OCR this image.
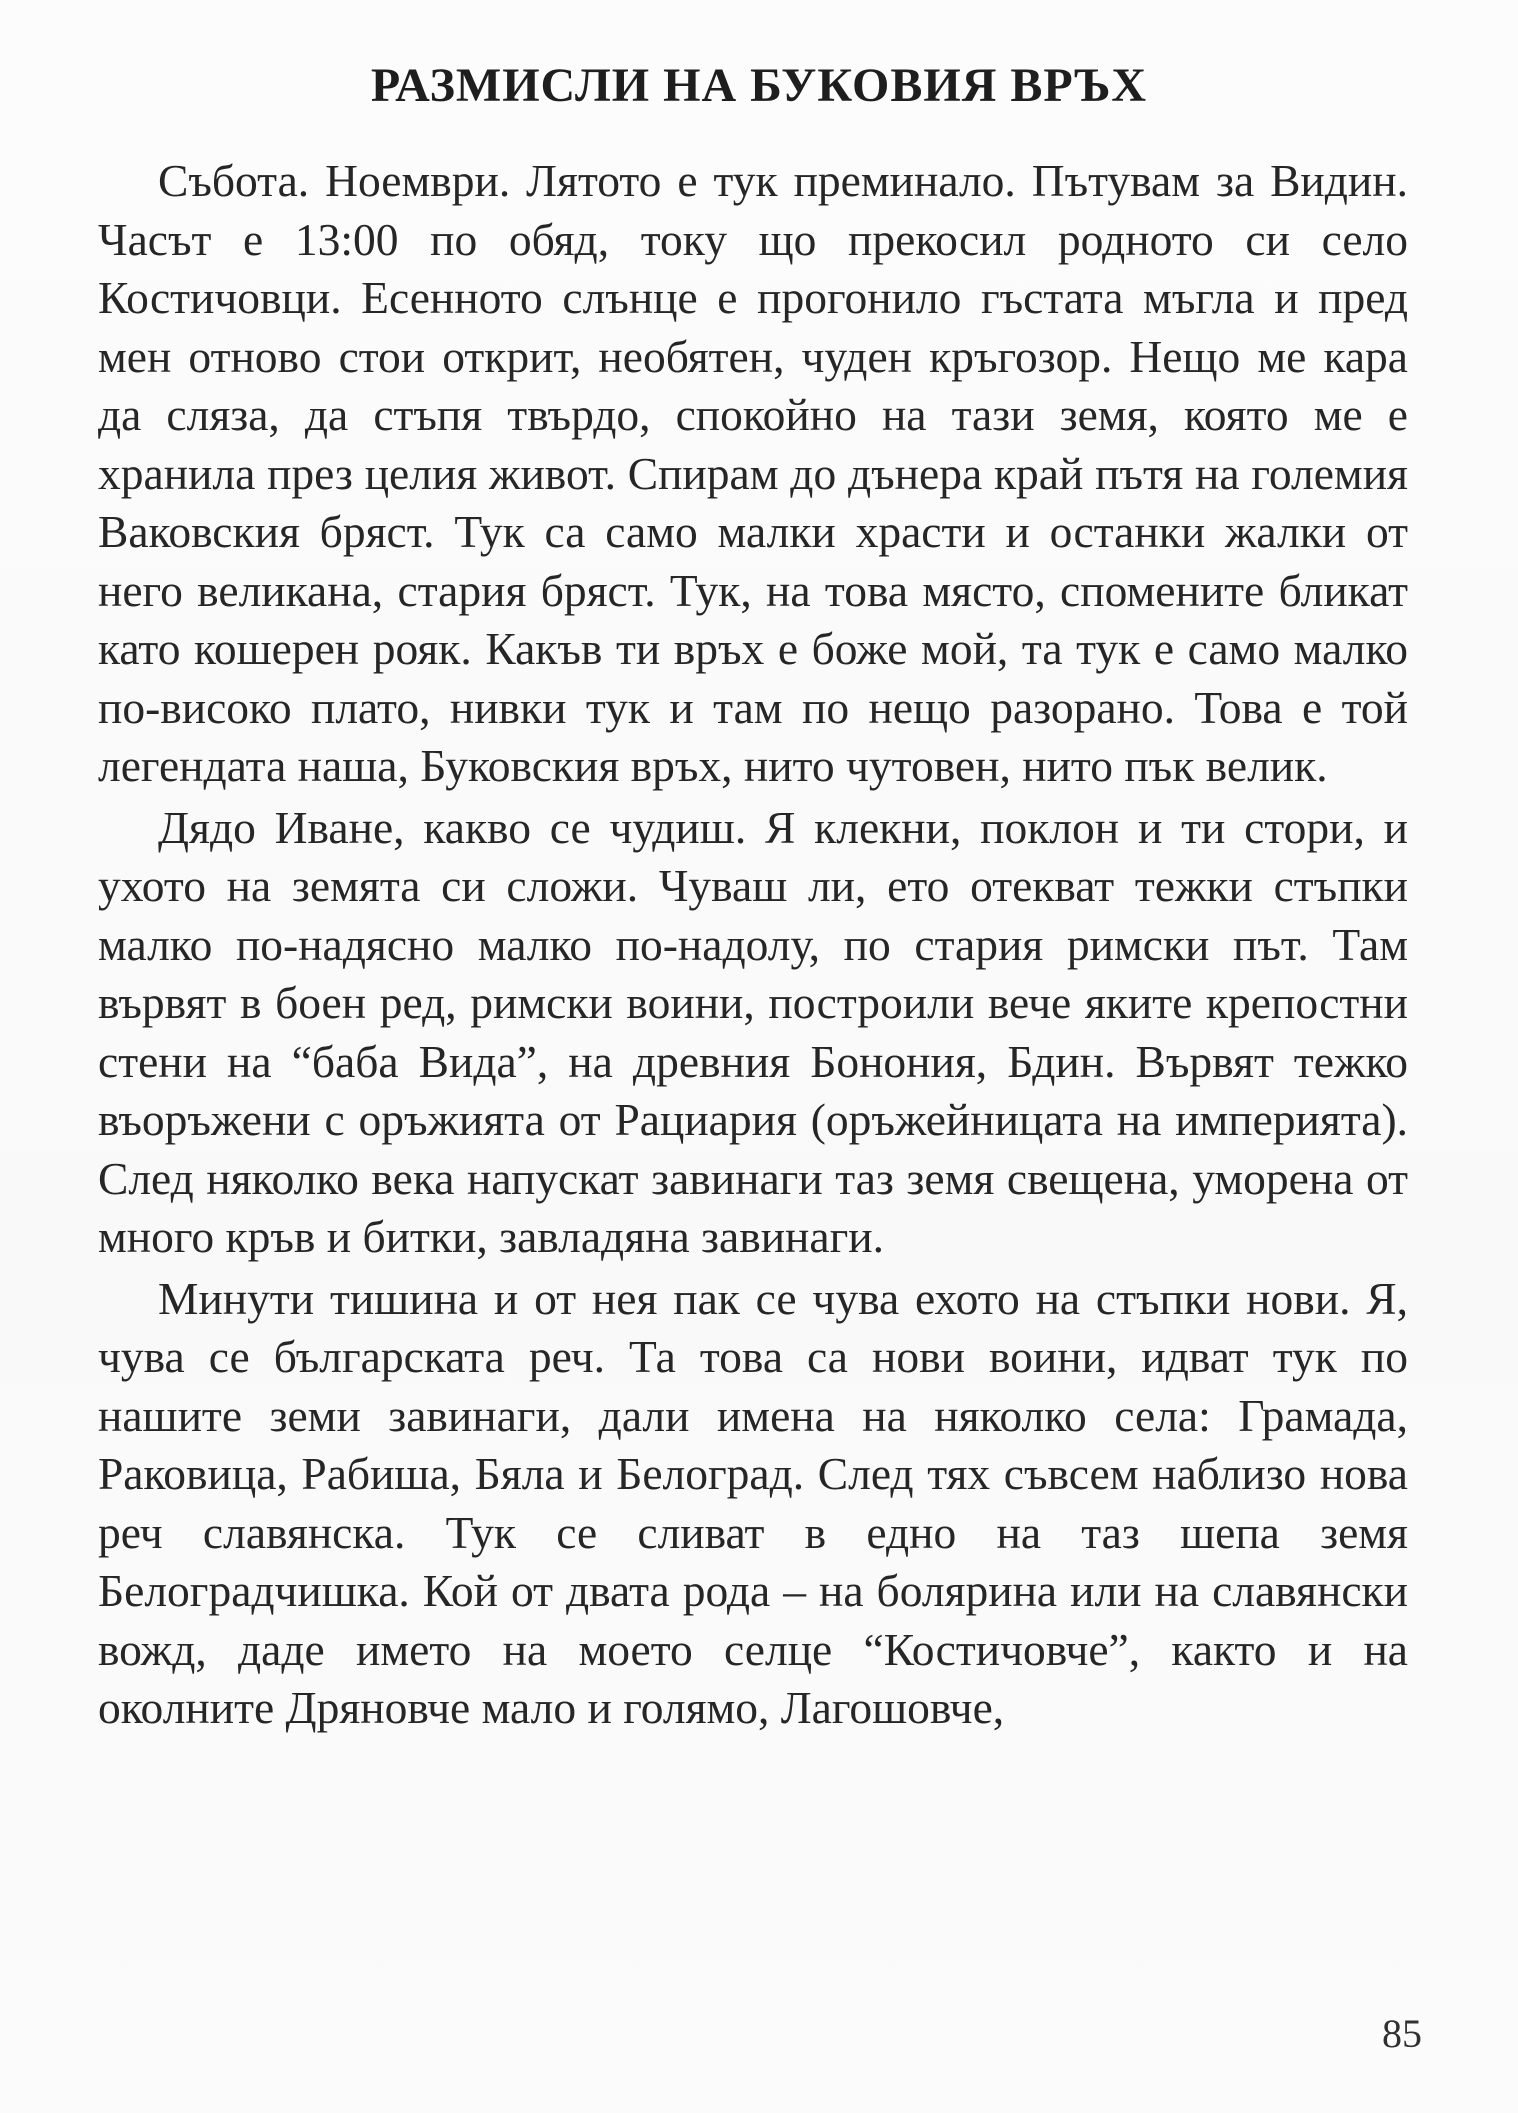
РАЗМИСЛИ НА БУКОВИЯ ВРЪХ

Събота. Ноември. Лятото е тук преминало. Пътувам за Видин. Часът е 13:00 по обяд, току що прекосил родното си село Костичовци. Есенното слънце е прогонило гъстата мъгла и пред мен отново стои открит, необятен, чуден кръгозор. Нещо ме кара да сляза, да стъпя твърдо, спокойно на тази земя, която ме е хранила през целия живот. Спирам до дънера край пътя на големия Ваковския бряст. Тук са само малки храсти и останки жалки от него великана, стария бряст. Тук, на това място, спомените бликат като кошерен рояк. Какъв ти връх е боже мой, та тук е само малко по-високо плато, нивки тук и там по нещо разорано. Това е той легендата наша, Буковския връх, нито чутовен, нито пък велик.

Дядо Иване, какво се чудиш. Я клекни, поклон и ти стори, и ухото на земята си сложи. Чуваш ли, ето отекват тежки стъпки малко по-надясно малко по-надолу, по стария римски път. Там вървят в боен ред, римски воини, построили вече яките крепостни стени на “баба Вида”, на древния Бонония, Бдин. Вървят тежко въоръжени с оръжията от Рациария (оръжейницата на империята). След няколко века напускат завинаги таз земя свещена, уморена от много кръв и битки, завладяна завинаги.

Минути тишина и от нея пак се чува ехото на стъпки нови. Я, чува се българската реч. Та това са нови воини, идват тук по нашите земи завинаги, дали имена на няколко села: Грамада, Раковица, Рабиша, Бяла и Белоград. След тях съвсем наблизо нова реч славянска. Тук се сливат в едно на таз шепа земя Белоградчишка. Кой от двата рода – на болярина или на славянски вожд, даде името на моето селце “Костичовче”, както и на околните Дряновче мало и голямо, Лагошовче,

85
